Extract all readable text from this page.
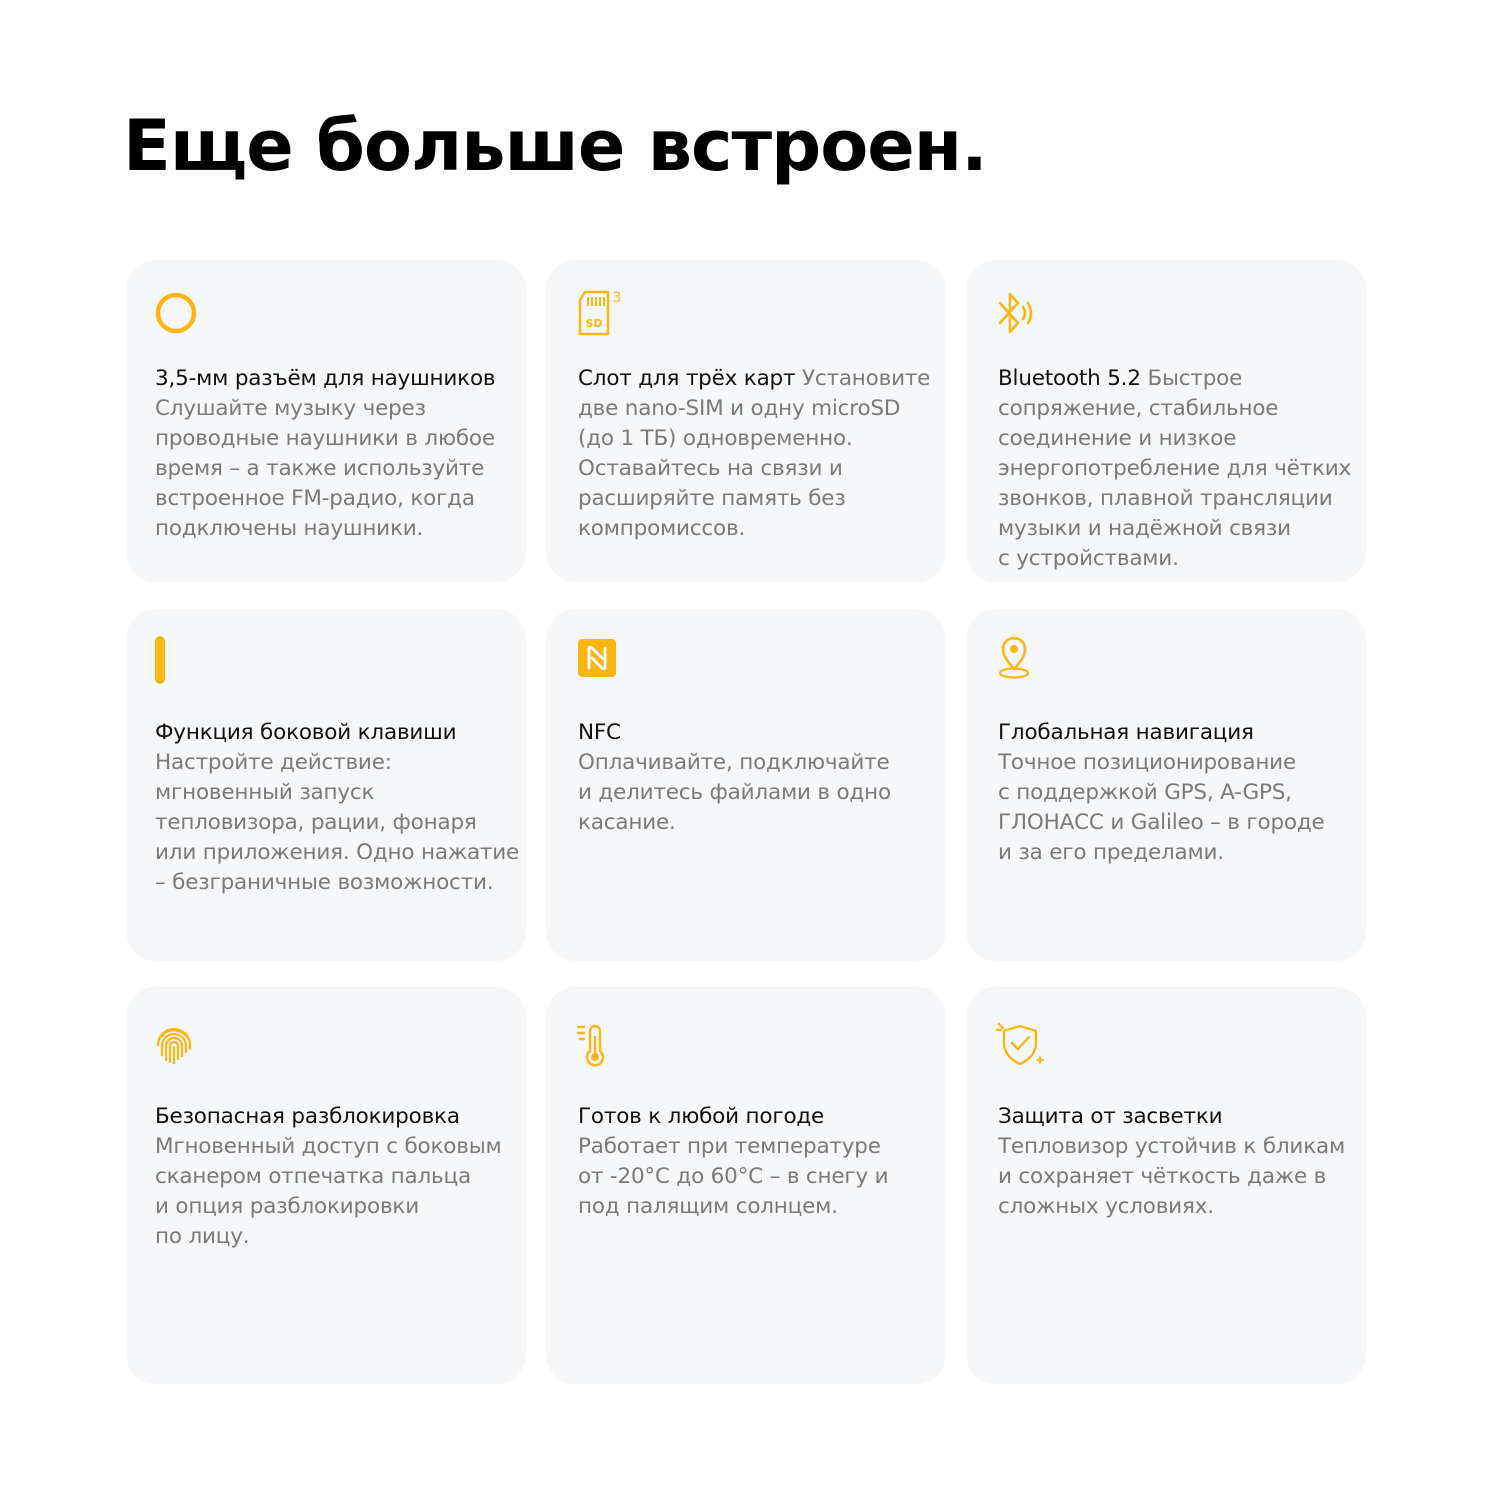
Еще больше встроен.
3,5-мм разъём для наушников
Слушайте музыку через
проводные наушники в любое
время – а также используйте
встроенное FM-радио, когда
подключены наушники.
SD
3
Слот для трёх карт Установите
две nano-SIM и одну microSD
(до 1 ТБ) одновременно.
Оставайтесь на связи и
расширяйте память без
компромиссов.
Bluetooth 5.2 Быстрое
сопряжение, стабильное
соединение и низкое
энергопотребление для чётких
звонков, плавной трансляции
музыки и надёжной связи
с устройствами.
Функция боковой клавиши
Настройте действие:
мгновенный запуск
тепловизора, рации, фонаря
или приложения. Одно нажатие
– безграничные возможности.
NFC
Оплачивайте, подключайте
и делитесь файлами в одно
касание.
Глобальная навигация
Точное позиционирование
с поддержкой GPS, A-GPS,
ГЛОНАСС и Galileo – в городе
и за его пределами.
Безопасная разблокировка
Мгновенный доступ с боковым
сканером отпечатка пальца
и опция разблокировки
по лицу.
Готов к любой погоде
Работает при температуре
от -20°C до 60°C – в снегу и
под палящим солнцем.
Защита от засветки
Тепловизор устойчив к бликам
и сохраняет чёткость даже в
сложных условиях.
